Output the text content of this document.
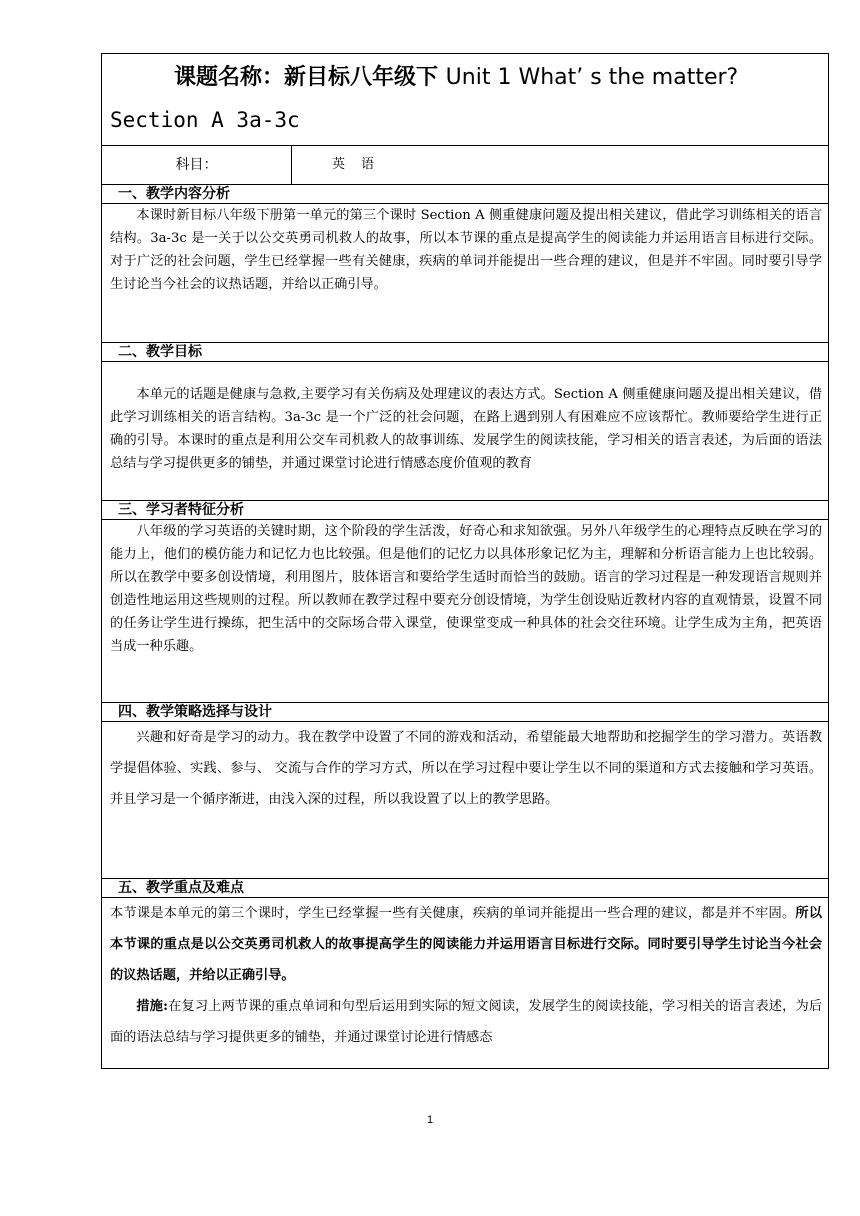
课题名称：新目标八年级下 Unit 1 What’ s the matter?
Section A 3a-3c

科目：	英 语
一、教学内容分析

本课时新目标八年级下册第一单元的第三个课时 Section A 侧重健康问题及提出相关建议，借此学习训练相关的语言结构。3a-3c 是一关于以公交英勇司机救人的故事，所以本节课的重点是提高学生的阅读能力并运用语言目标进行交际。对于广泛的社会问题，学生已经掌握一些有关健康，疾病的单词并能提出一些合理的建议，但是并不牢固。同时要引导学生讨论当今社会的议热话题，并给以正确引导。

二、教学目标

本单元的话题是健康与急救,主要学习有关伤病及处理建议的表达方式。Section A 侧重健康问题及提出相关建议，借此学习训练相关的语言结构。3a-3c 是一个广泛的社会问题，在路上遇到别人有困难应不应该帮忙。教师要给学生进行正确的引导。本课时的重点是利用公交车司机救人的故事训练、发展学生的阅读技能，学习相关的语言表述，为后面的语法总结与学习提供更多的铺垫，并通过课堂讨论进行情感态度价值观的教育

三、学习者特征分析

八年级的学习英语的关键时期，这个阶段的学生活泼，好奇心和求知欲强。另外八年级学生的心理特点反映在学习的能力上，他们的模仿能力和记忆力也比较强。但是他们的记忆力以具体形象记忆为主，理解和分析语言能力上也比较弱。所以在教学中要多创设情境，利用图片，肢体语言和要给学生适时而恰当的鼓励。语言的学习过程是一种发现语言规则并创造性地运用这些规则的过程。所以教师在教学过程中要充分创设情境，为学生创设贴近教材内容的直观情景，设置不同的任务让学生进行操练，把生活中的交际场合带入课堂，使课堂变成一种具体的社会交往环境。让学生成为主角，把英语当成一种乐趣。

四、教学策略选择与设计

兴趣和好奇是学习的动力。我在教学中设置了不同的游戏和活动，希望能最大地帮助和挖掘学生的学习潜力。英语教学提倡体验、实践、参与、 交流与合作的学习方式，所以在学习过程中要让学生以不同的渠道和方式去接触和学习英语。并且学习是一个循序渐进，由浅入深的过程，所以我设置了以上的教学思路。

五、教学重点及难点

本节课是本单元的第三个课时，学生已经掌握一些有关健康，疾病的单词并能提出一些合理的建议，都是并不牢固。所以本节课的重点是以公交英勇司机救人的故事提高学生的阅读能力并运用语言目标进行交际。同时要引导学生讨论当今社会的议热话题，并给以正确引导。

措施:在复习上两节课的重点单词和句型后运用到实际的短文阅读，发展学生的阅读技能，学习相关的语言表述，为后面的语法总结与学习提供更多的铺垫，并通过课堂讨论进行情感态

1
